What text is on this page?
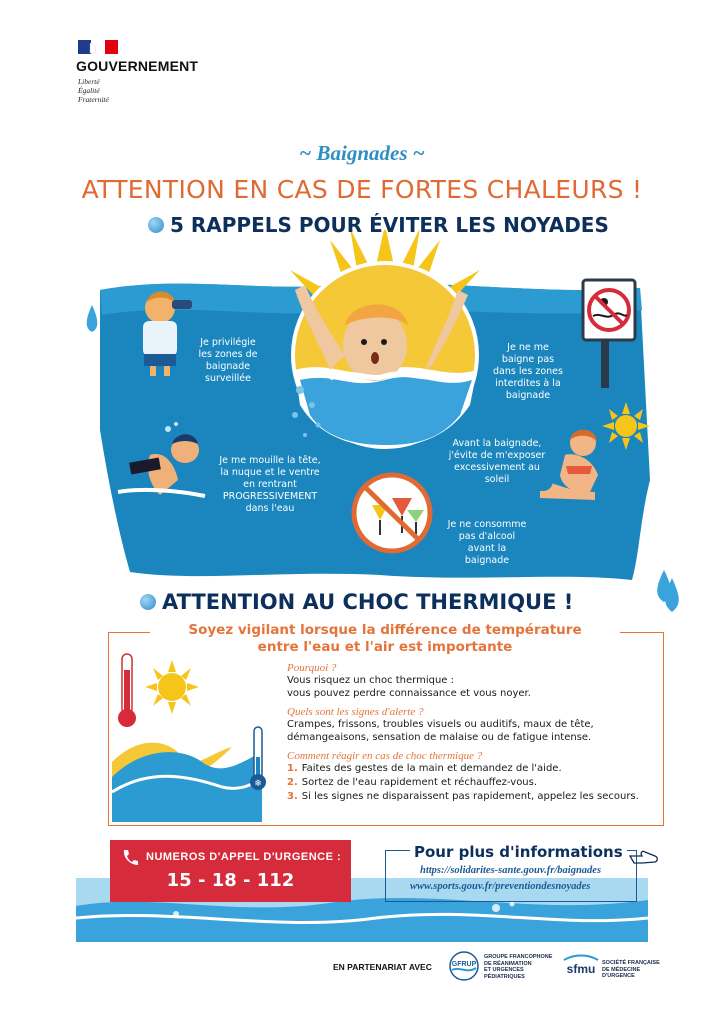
GOUVERNEMENT
Liberté
Égalité
Fraternité
~ Baignades ~
ATTENTION EN CAS DE FORTES CHALEURS !
5 RAPPELS POUR ÉVITER LES NOYADES
Je privilégie les zones de baignade surveillée
Je ne me baigne pas dans les zones interdites à la baignade
Je me mouille la tête, la nuque et le ventre en rentrant PROGRESSIVEMENT dans l'eau
Avant la baignade, j'évite de m'exposer excessivement au soleil
Je ne consomme pas d'alcool avant la baignade
ATTENTION AU CHOC THERMIQUE !
Soyez vigilant lorsque la différence de température
entre l'eau et l'air est importante
❄
Pourquoi ?
Vous risquez un choc thermique :
vous pouvez perdre connaissance et vous noyer.
Quels sont les signes d'alerte ?
Crampes, frissons, troubles visuels ou auditifs, maux de tête,
démangeaisons, sensation de malaise ou de fatigue intense.
Comment réagir en cas de choc thermique ?
1. Faites des gestes de la main et demandez de l'aide.
2. Sortez de l'eau rapidement et réchauffez-vous.
3. Si les signes ne disparaissent pas rapidement, appelez les secours.
NUMEROS D'APPEL D'URGENCE :
15 - 18 - 112	https://solidarites-sante.gouv.fr/baignades
www.sports.gouv.fr/preventiondesnoyades
Pour plus d'informations
EN PARTENARIAT AVEC	GFRUP
GROUPE FRANCOPHONE
DE RÉANIMATION
ET URGENCES
PÉDIATRIQUES
sfmu SOCIÉTÉ FRANÇAISE
DE MÉDECINE
D'URGENCE
